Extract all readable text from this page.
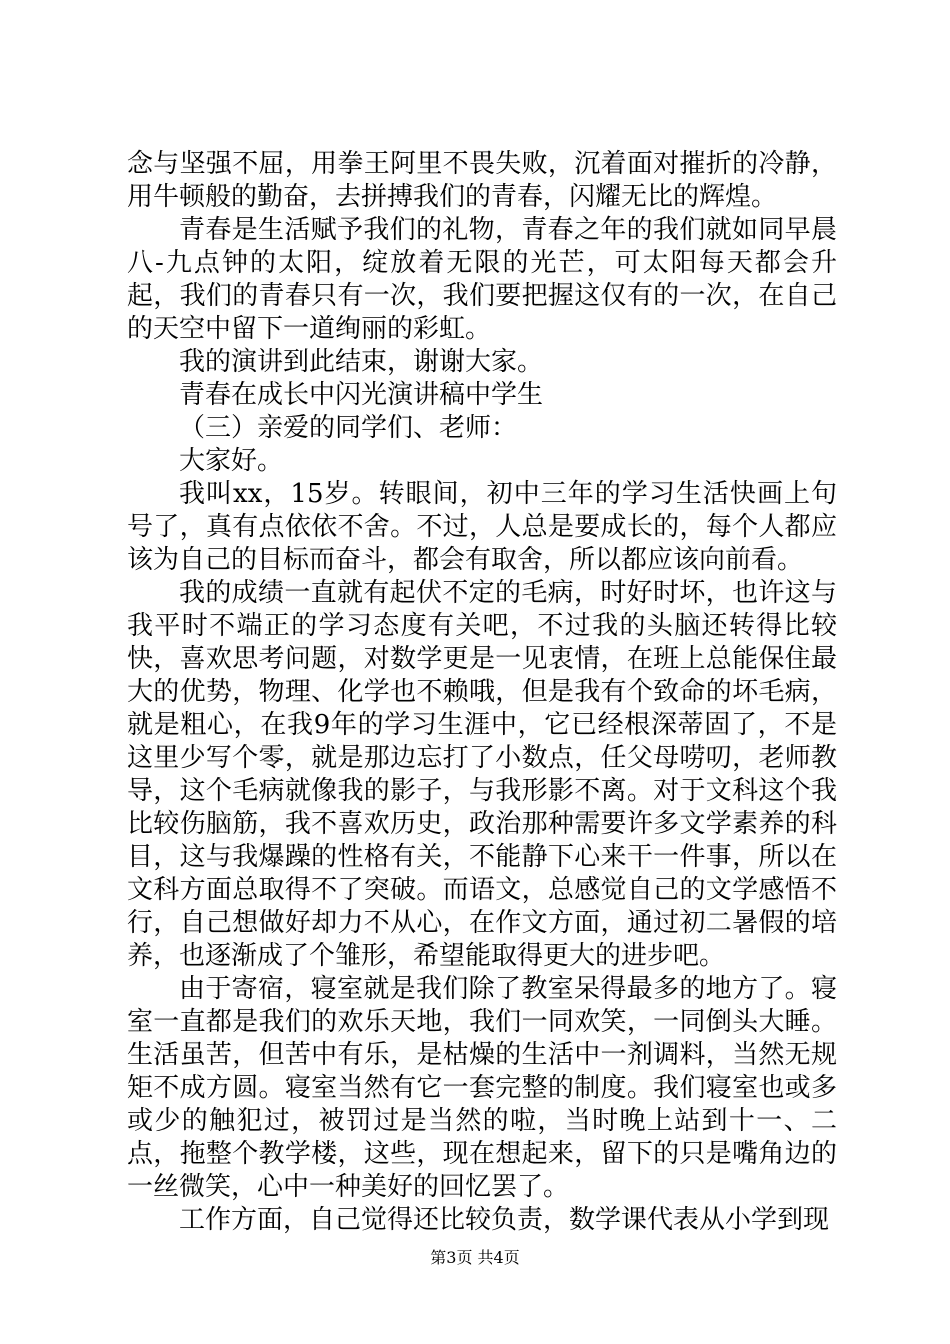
念与坚强不屈，用拳王阿里不畏失败，沉着面对摧折的冷静，用牛顿般的勤奋，去拼搏我们的青春，闪耀无比的辉煌。

青春是生活赋予我们的礼物，青春之年的我们就如同早晨八-九点钟的太阳，绽放着无限的光芒，可太阳每天都会升起，我们的青春只有一次，我们要把握这仅有的一次，在自己的天空中留下一道绚丽的彩虹。

我的演讲到此结束，谢谢大家。

青春在成长中闪光演讲稿中学生

（三）亲爱的同学们、老师：

大家好。

我叫xx，15岁。转眼间，初中三年的学习生活快画上句号了，真有点依依不舍。不过，人总是要成长的，每个人都应该为自己的目标而奋斗，都会有取舍，所以都应该向前看。

我的成绩一直就有起伏不定的毛病，时好时坏，也许这与我平时不端正的学习态度有关吧，不过我的头脑还转得比较快，喜欢思考问题，对数学更是一见衷情，在班上总能保住最大的优势，物理、化学也不赖哦，但是我有个致命的坏毛病，就是粗心，在我9年的学习生涯中，它已经根深蒂固了，不是这里少写个零，就是那边忘打了小数点，任父母唠叨，老师教导，这个毛病就像我的影子，与我形影不离。对于文科这个我比较伤脑筋，我不喜欢历史，政治那种需要许多文学素养的科目，这与我爆躁的性格有关，不能静下心来干一件事，所以在文科方面总取得不了突破。而语文，总感觉自己的文学感悟不行，自己想做好却力不从心，在作文方面，通过初二暑假的培养，也逐渐成了个雏形，希望能取得更大的进步吧。

由于寄宿，寝室就是我们除了教室呆得最多的地方了。寝室一直都是我们的欢乐天地，我们一同欢笑，一同倒头大睡。生活虽苦，但苦中有乐，是枯燥的生活中一剂调料，当然无规矩不成方圆。寝室当然有它一套完整的制度。我们寝室也或多或少的触犯过，被罚过是当然的啦，当时晚上站到十一、二点，拖整个教学楼，这些，现在想起来，留下的只是嘴角边的一丝微笑，心中一种美好的回忆罢了。

工作方面，自己觉得还比较负责，数学课代表从小学到现

第3页 共4页
